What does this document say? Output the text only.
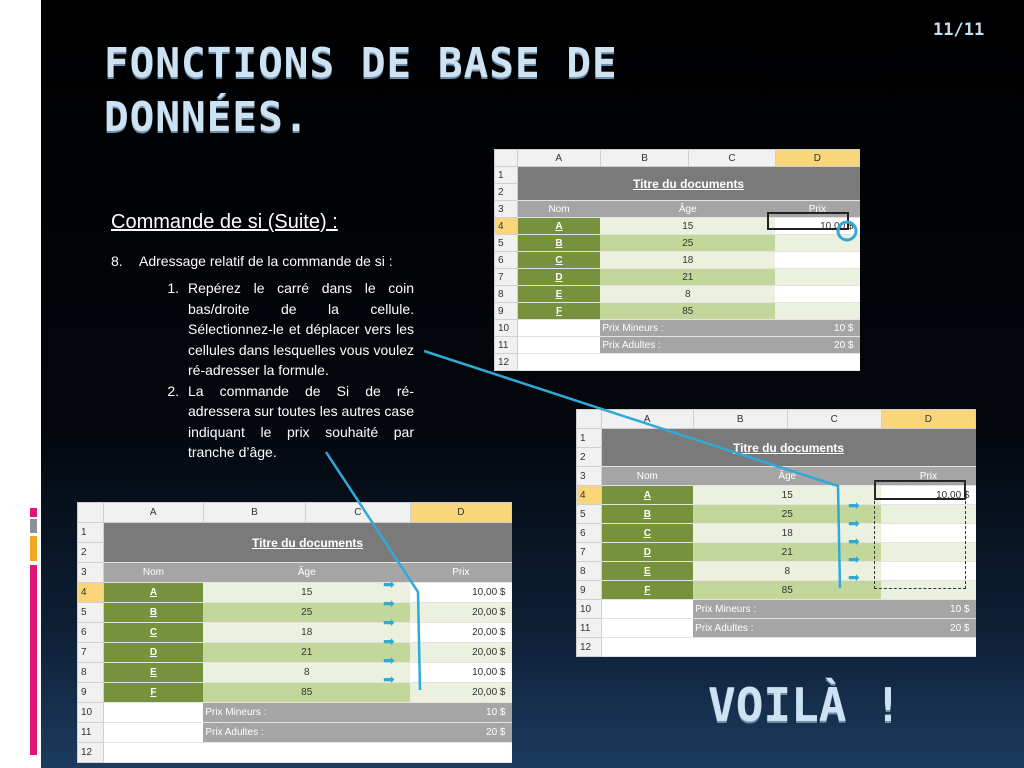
FONCTIONS DE BASE DE DONNÉES.
11/11
Commande de si (Suite) :
8.	Adressage relatif de la commande de si :
1. Repérez le carré dans le coin bas/droite de la cellule. Sélectionnez-le et déplacer vers les cellules dans lesquelles vous voulez ré-adresser la formule.
2. La commande de Si de ré-adressera sur toutes les autres case indiquant le prix souhaité par tranche d’âge.
	A	B	C	D
1	Titre du documents			
2				
3	Nom	Âge		Prix
4	A	15		10,00 $
5	B	25		
6	C	18		
7	D	21		
8	E	8		
9	F	85		
10		Prix Mineurs :		10 $
11		Prix Adultes :		20 $
12				
	A	B	C	D
1	Titre du documents			
2				
3	Nom	Âge		Prix
4	A	15		10,00 $
5	B	25		
6	C	18		
7	D	21		
8	E	8		
9	F	85		
10		Prix Mineurs :		10 $
11		Prix Adultes :		20 $
12				
➡
➡
➡
➡
➡
	A	B	C	D
1	Titre du documents			
2				
3	Nom	Âge		Prix
4	A	15		10,00 $
5	B	25		20,00 $
6	C	18		20,00 $
7	D	21		20,00 $
8	E	8		10,00 $
9	F	85		20,00 $
10		Prix Mineurs :		10 $
11		Prix Adultes :		20 $
12				
➡
➡
➡
➡
➡
➡	VOILÀ !
